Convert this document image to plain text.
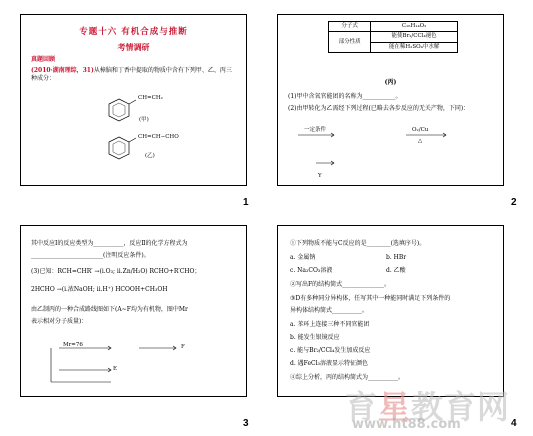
专题十六 有机合成与推断
考情调研
真题回顾
(2010·湖南理综，31)从樟脑和丁香中提取的物质中含有下列甲、乙、丙三种成分：
CH=CH₂
(甲)
CH=CH−CHO
(乙)
1
分子式	C₁₆H₁₄O₂
部分性质	能使Br₂/CCl₄褪色
	能在稀H₂SO₄中水解
(丙)
(1)甲中含氧官能团的名称为___________。
(2)由甲转化为乙需经下列过程(已略去各步反应的无关产物，下同)：
一定条件	O₂/Cu
△
Y
2
其中反应Ⅰ的反应类型为__________，反应Ⅱ的化学方程式为
________________________(注明反应条件)。
(3)已知：RCH=CHR′ →(ⅰ.O₃; ⅱ.Zn/H₂O) RCHO+R′CHO；
2HCHO →(ⅰ.浓NaOH; ⅱ.H⁺) HCOOH+CH₃OH
由乙制丙的一种合成路线图如下(A~F均为有机物，图中Mr
表示相对分子质量)：
Mr=76
E
F
3
①下列物质不能与C反应的是________(选填序号)。
a. 金属钠	b. HBr
c. Na₂CO₃溶液	d. 乙酸
②写出F的结构简式______________。
③D有多种同分异构体，任写其中一种能同时满足下列条件的
异构体结构简式__________。
a. 苯环上连接三种不同官能团
b. 能发生银镜反应
c. 能与Br₂/CCl₄发生加成反应
d. 遇FeCl₃溶液显示特征颜色
④综上分析，丙的结构简式为__________。
4
育星教育网
www.ht88.com
